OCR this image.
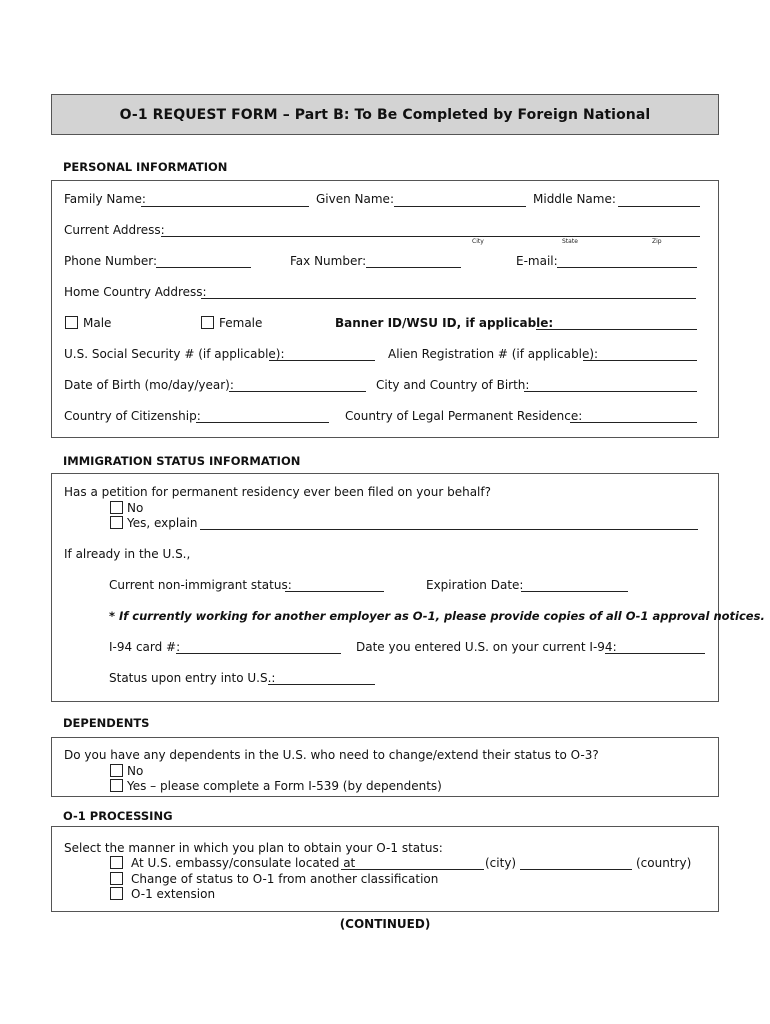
O-1 REQUEST FORM – Part B: To Be Completed by Foreign National
PERSONAL INFORMATION
Family Name:	Given Name:	Middle Name:
Current Address:
City	State	Zip
Phone Number:	Fax Number:	E-mail:
Home Country Address:
Male	Female	Banner ID/WSU ID, if applicable:
U.S. Social Security # (if applicable):	Alien Registration # (if applicable):
Date of Birth (mo/day/year):	City and Country of Birth:
Country of Citizenship:	Country of Legal Permanent Residence:
IMMIGRATION STATUS INFORMATION
Has a petition for permanent residency ever been filed on your behalf?
No
Yes, explain
If already in the U.S.,
Current non-immigrant status:	Expiration Date:
* If currently working for another employer as O-1, please provide copies of all O-1 approval notices.
I-94 card #:	Date you entered U.S. on your current I-94:
Status upon entry into U.S.:
DEPENDENTS
Do you have any dependents in the U.S. who need to change/extend their status to O-3?
No
Yes – please complete a Form I-539 (by dependents)
O-1 PROCESSING
Select the manner in which you plan to obtain your O-1 status:
At U.S. embassy/consulate located at	(city)	(country)
Change of status to O-1 from another classification
O-1 extension
(CONTINUED)
